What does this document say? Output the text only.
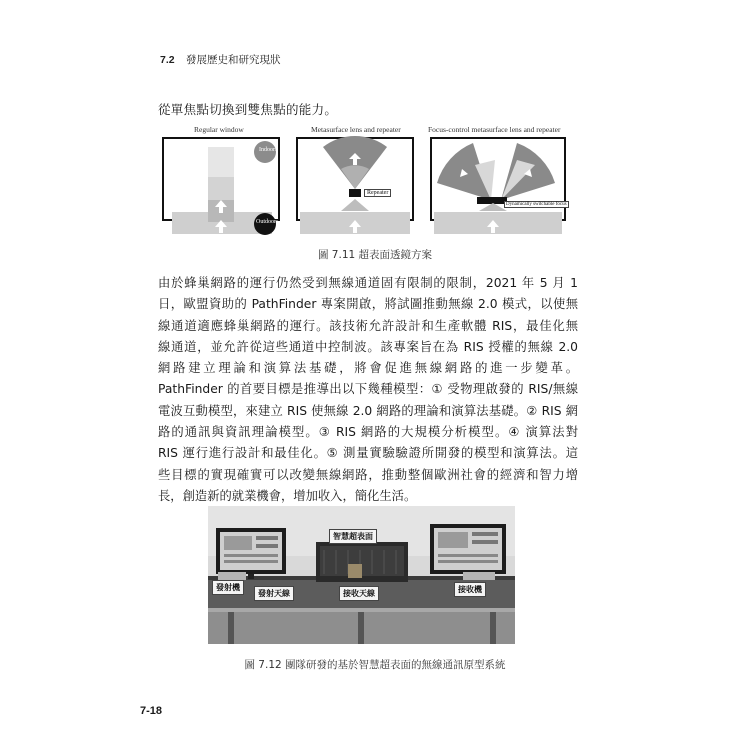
7.2 發展歷史和研究現狀
從單焦點切換到雙焦點的能力。
Regular window	Metasurface lens and repeater	Focus-control metasurface lens and repeater
Indoors
Outdoors
Repeater
Dynamically switchable focus
圖 7.11 超表面透鏡方案
由於蜂巢網路的運行仍然受到無線通道固有限制的限制，2021 年 5 月 1
日，歐盟資助的 PathFinder 專案開啟，將試圖推動無線 2.0 模式，以使無
線通道適應蜂巢網路的運行。該技術允許設計和生產軟體 RIS，最佳化無
線通道，並允許從這些通道中控制波。該專案旨在為 RIS 授權的無線 2.0
網路建立理論和演算法基礎，將會促進無線網路的進一步變革。
PathFinder 的首要目標是推導出以下幾種模型：① 受物理啟發的 RIS/無線
電波互動模型，來建立 RIS 使無線 2.0 網路的理論和演算法基礎。② RIS 網
路的通訊與資訊理論模型。③ RIS 網路的大規模分析模型。④ 演算法對
RIS 運行進行設計和最佳化。⑤ 測量實驗驗證所開發的模型和演算法。這
些目標的實現確實可以改變無線網路，推動整個歐洲社會的經濟和智力增
長，創造新的就業機會，增加收入，簡化生活。
智慧超表面
發射機
發射天線	接收天線	接收機
圖 7.12 團隊研發的基於智慧超表面的無線通訊原型系統
7-18
